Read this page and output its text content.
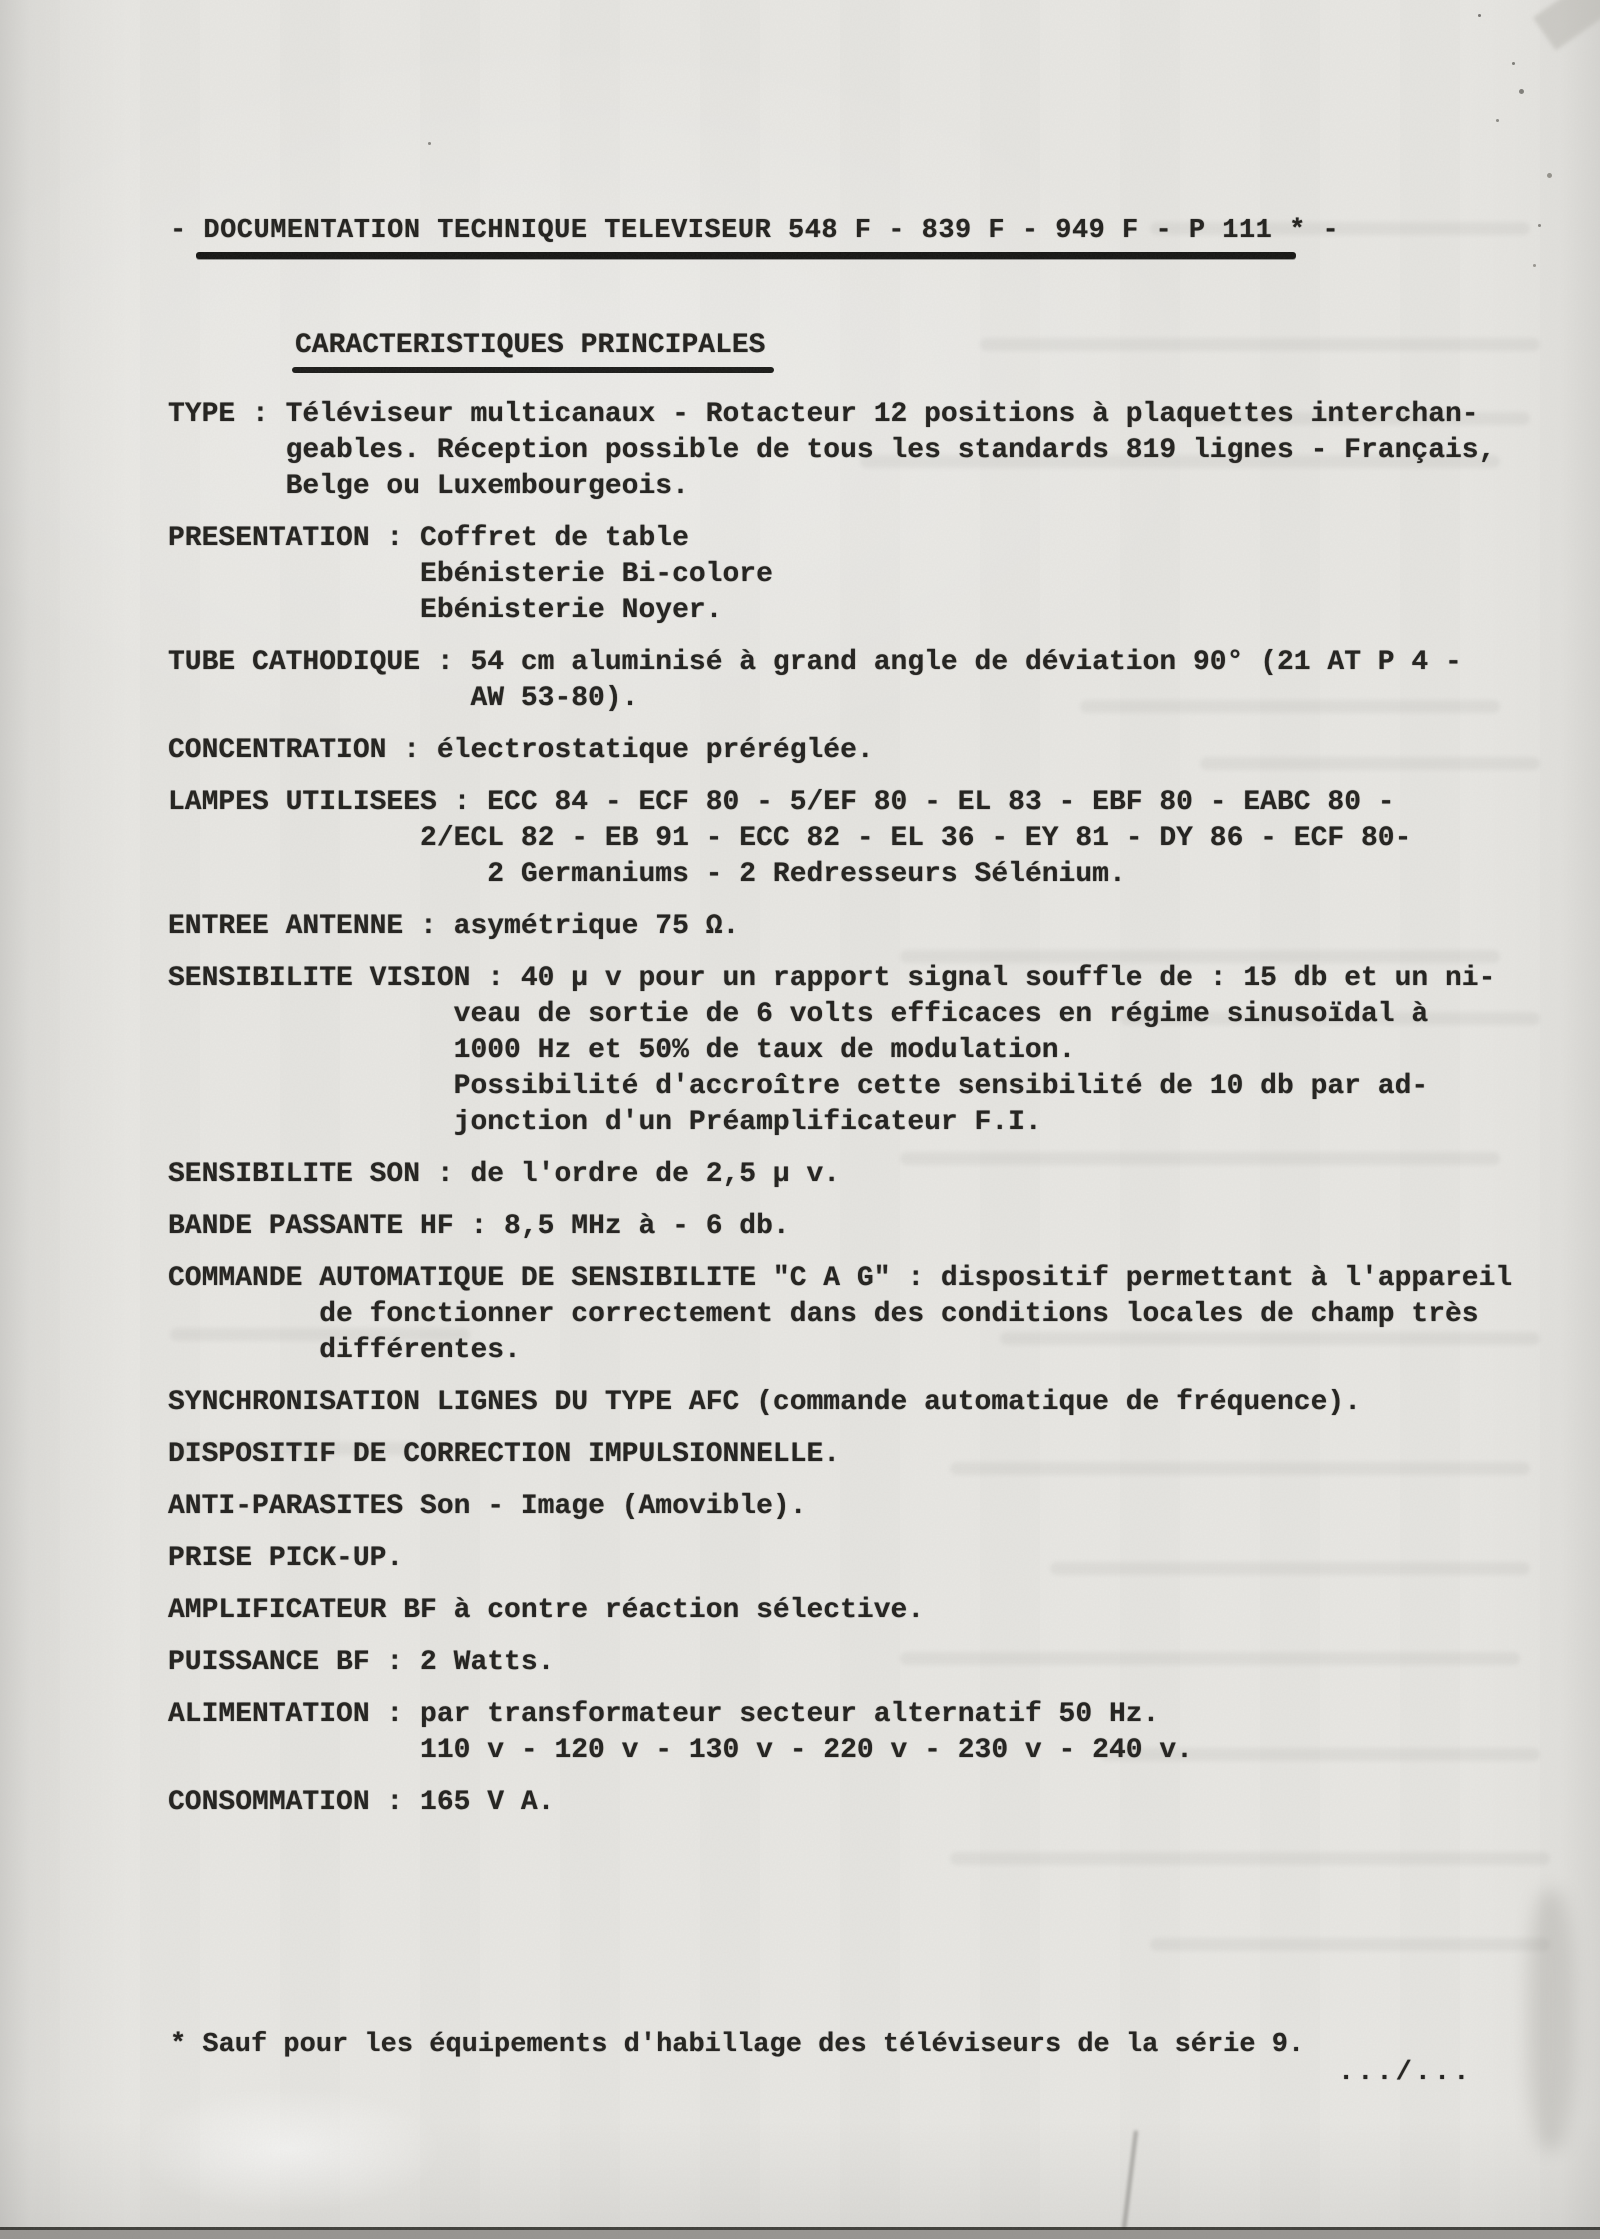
- DOCUMENTATION TECHNIQUE TELEVISEUR 548 F - 839 F - 949 F - P 111 * -
CARACTERISTIQUES PRINCIPALES
TYPE : Téléviseur multicanaux - Rotacteur 12 positions à plaquettes interchan-
geables. Réception possible de tous les standards 819 lignes - Français,
Belge ou Luxembourgeois.
PRESENTATION : Coffret de table
Ebénisterie Bi-colore
Ebénisterie Noyer.
TUBE CATHODIQUE : 54 cm aluminisé à grand angle de déviation 90° (21 AT P 4 -
AW 53-80).
CONCENTRATION : électrostatique préréglée.
LAMPES UTILISEES : ECC 84 - ECF 80 - 5/EF 80 - EL 83 - EBF 80 - EABC 80 -
2/ECL 82 - EB 91 - ECC 82 - EL 36 - EY 81 - DY 86 - ECF 80-
2 Germaniums - 2 Redresseurs Sélénium.
ENTREE ANTENNE : asymétrique 75 Ω.
SENSIBILITE VISION : 40 µ v pour un rapport signal souffle de : 15 db et un ni-
veau de sortie de 6 volts efficaces en régime sinusoïdal à
1000 Hz et 50% de taux de modulation.
Possibilité d'accroître cette sensibilité de 10 db par ad-
jonction d'un Préamplificateur F.I.
SENSIBILITE SON : de l'ordre de 2,5 µ v.
BANDE PASSANTE HF : 8,5 MHz à - 6 db.
COMMANDE AUTOMATIQUE DE SENSIBILITE "C A G" : dispositif permettant à l'appareil
de fonctionner correctement dans des conditions locales de champ très
différentes.
SYNCHRONISATION LIGNES DU TYPE AFC (commande automatique de fréquence).
DISPOSITIF DE CORRECTION IMPULSIONNELLE.
ANTI-PARASITES Son - Image (Amovible).
PRISE PICK-UP.
AMPLIFICATEUR BF à contre réaction sélective.
PUISSANCE BF : 2 Watts.
ALIMENTATION : par transformateur secteur alternatif 50 Hz.
110 v - 120 v - 130 v - 220 v - 230 v - 240 v.
CONSOMMATION : 165 V A.
* Sauf pour les équipements d'habillage des téléviseurs de la série 9.
.../...
